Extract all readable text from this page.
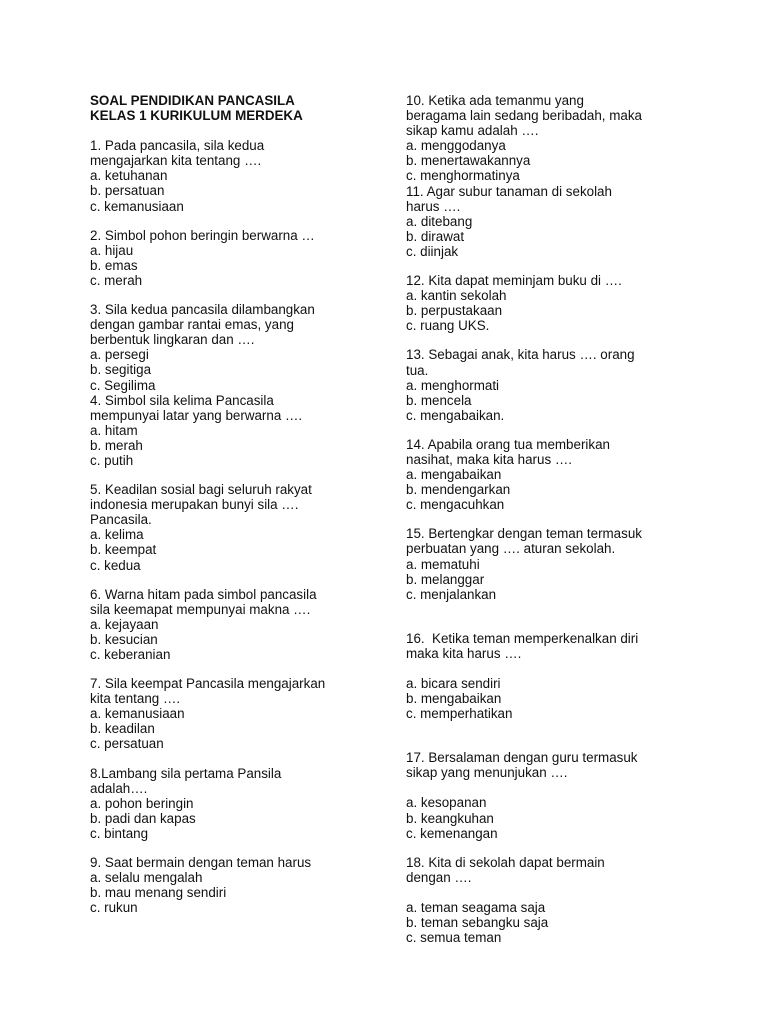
SOAL PENDIDIKAN PANCASILA
KELAS 1 KURIKULUM MERDEKA
1. Pada pancasila, sila kedua
mengajarkan kita tentang ….
a. ketuhanan
b. persatuan
c. kemanusiaan
2. Simbol pohon beringin berwarna …
a. hijau
b. emas
c. merah
3. Sila kedua pancasila dilambangkan
dengan gambar rantai emas, yang
berbentuk lingkaran dan ….
a. persegi
b. segitiga
c. Segilima
4. Simbol sila kelima Pancasila
mempunyai latar yang berwarna ….
a. hitam
b. merah
c. putih
5. Keadilan sosial bagi seluruh rakyat
indonesia merupakan bunyi sila ….
Pancasila.
a. kelima
b. keempat
c. kedua
6. Warna hitam pada simbol pancasila
sila keemapat mempunyai makna ….
a. kejayaan
b. kesucian
c. keberanian
7. Sila keempat Pancasila mengajarkan
kita tentang ….
a. kemanusiaan
b. keadilan
c. persatuan
8.Lambang sila pertama Pansila
adalah….
a. pohon beringin
b. padi dan kapas
c. bintang
9. Saat bermain dengan teman harus
a. selalu mengalah
b. mau menang sendiri
c. rukun
10. Ketika ada temanmu yang
beragama lain sedang beribadah, maka
sikap kamu adalah ….
a. menggodanya
b. menertawakannya
c. menghormatinya
11. Agar subur tanaman di sekolah
harus ….
a. ditebang
b. dirawat
c. diinjak
12. Kita dapat meminjam buku di ….
a. kantin sekolah
b. perpustakaan
c. ruang UKS.
13. Sebagai anak, kita harus …. orang
tua.
a. menghormati
b. mencela
c. mengabaikan.
14. Apabila orang tua memberikan
nasihat, maka kita harus ….
a. mengabaikan
b. mendengarkan
c. mengacuhkan
15. Bertengkar dengan teman termasuk
perbuatan yang …. aturan sekolah.
a. mematuhi
b. melanggar
c. menjalankan
16.  Ketika teman memperkenalkan diri
maka kita harus ….
a. bicara sendiri
b. mengabaikan
c. memperhatikan
17. Bersalaman dengan guru termasuk
sikap yang menunjukan ….
a. kesopanan
b. keangkuhan
c. kemenangan
18. Kita di sekolah dapat bermain
dengan ….
a. teman seagama saja
b. teman sebangku saja
c. semua teman
